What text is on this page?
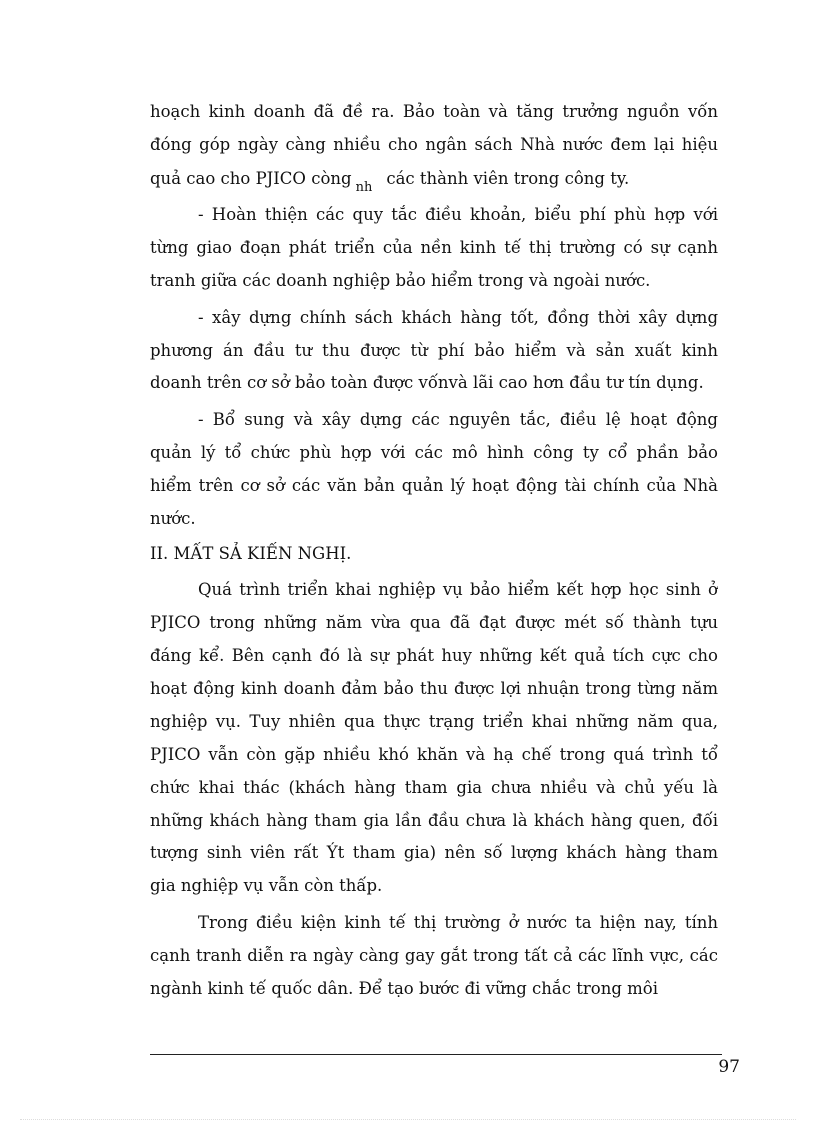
hoạch kinh doanh đã đề ra. Bảo toàn và tăng trưởng nguồn vốn
đóng góp ngày càng nhiều cho ngân sách Nhà nước đem lại hiệu
quả cao cho PJICO còng $_{nh}$ các thành viên trong công ty.
- Hoàn thiện các quy tắc điều khoản, biểu phí phù hợp với
từng giao đoạn phát triển của nền kinh tế thị trường có sự cạnh
tranh giữa các doanh nghiệp bảo hiểm trong và ngoài nước.
- xây dựng chính sách khách hàng tốt, đồng thời xây dựng
phương án đầu tư thu được từ phí bảo hiểm và sản xuất kinh
doanh trên cơ sở bảo toàn được vốnvà lãi cao hơn đầu tư tín dụng.
- Bổ sung và xây dựng các nguyên tắc, điều lệ hoạt động
quản lý tổ chức phù hợp với các mô hình công ty cổ phần bảo
hiểm trên cơ sở các văn bản quản lý hoạt động tài chính của Nhà
nước.
II. MẤT SẢ KIẾN NGHỊ.
Quá trình triển khai nghiệp vụ bảo hiểm kết hợp học sinh ở
PJICO trong những năm vừa qua đã đạt được mét số thành tựu
đáng kể. Bên cạnh đó là sự phát huy những kết quả tích cực cho
hoạt động kinh doanh đảm bảo thu được lợi nhuận trong từng năm
nghiệp vụ. Tuy nhiên qua thực trạng triển khai những năm qua,
PJICO vẫn còn gặp nhiều khó khăn và hạ chế trong quá trình tổ
chức khai thác (khách hàng tham gia chưa nhiều và chủ yếu là
những khách hàng tham gia lần đầu chưa là khách hàng quen, đối
tượng sinh viên rất Ýt tham gia) nên số lượng khách hàng tham
gia nghiệp vụ vẫn còn thấp.
Trong điều kiện kinh tế thị trường ở nước ta hiện nay, tính
cạnh tranh diễn ra ngày càng gay gắt trong tất cả các lĩnh vực, các
ngành kinh tế quốc dân. Để tạo bước đi vững chắc trong môi
97
